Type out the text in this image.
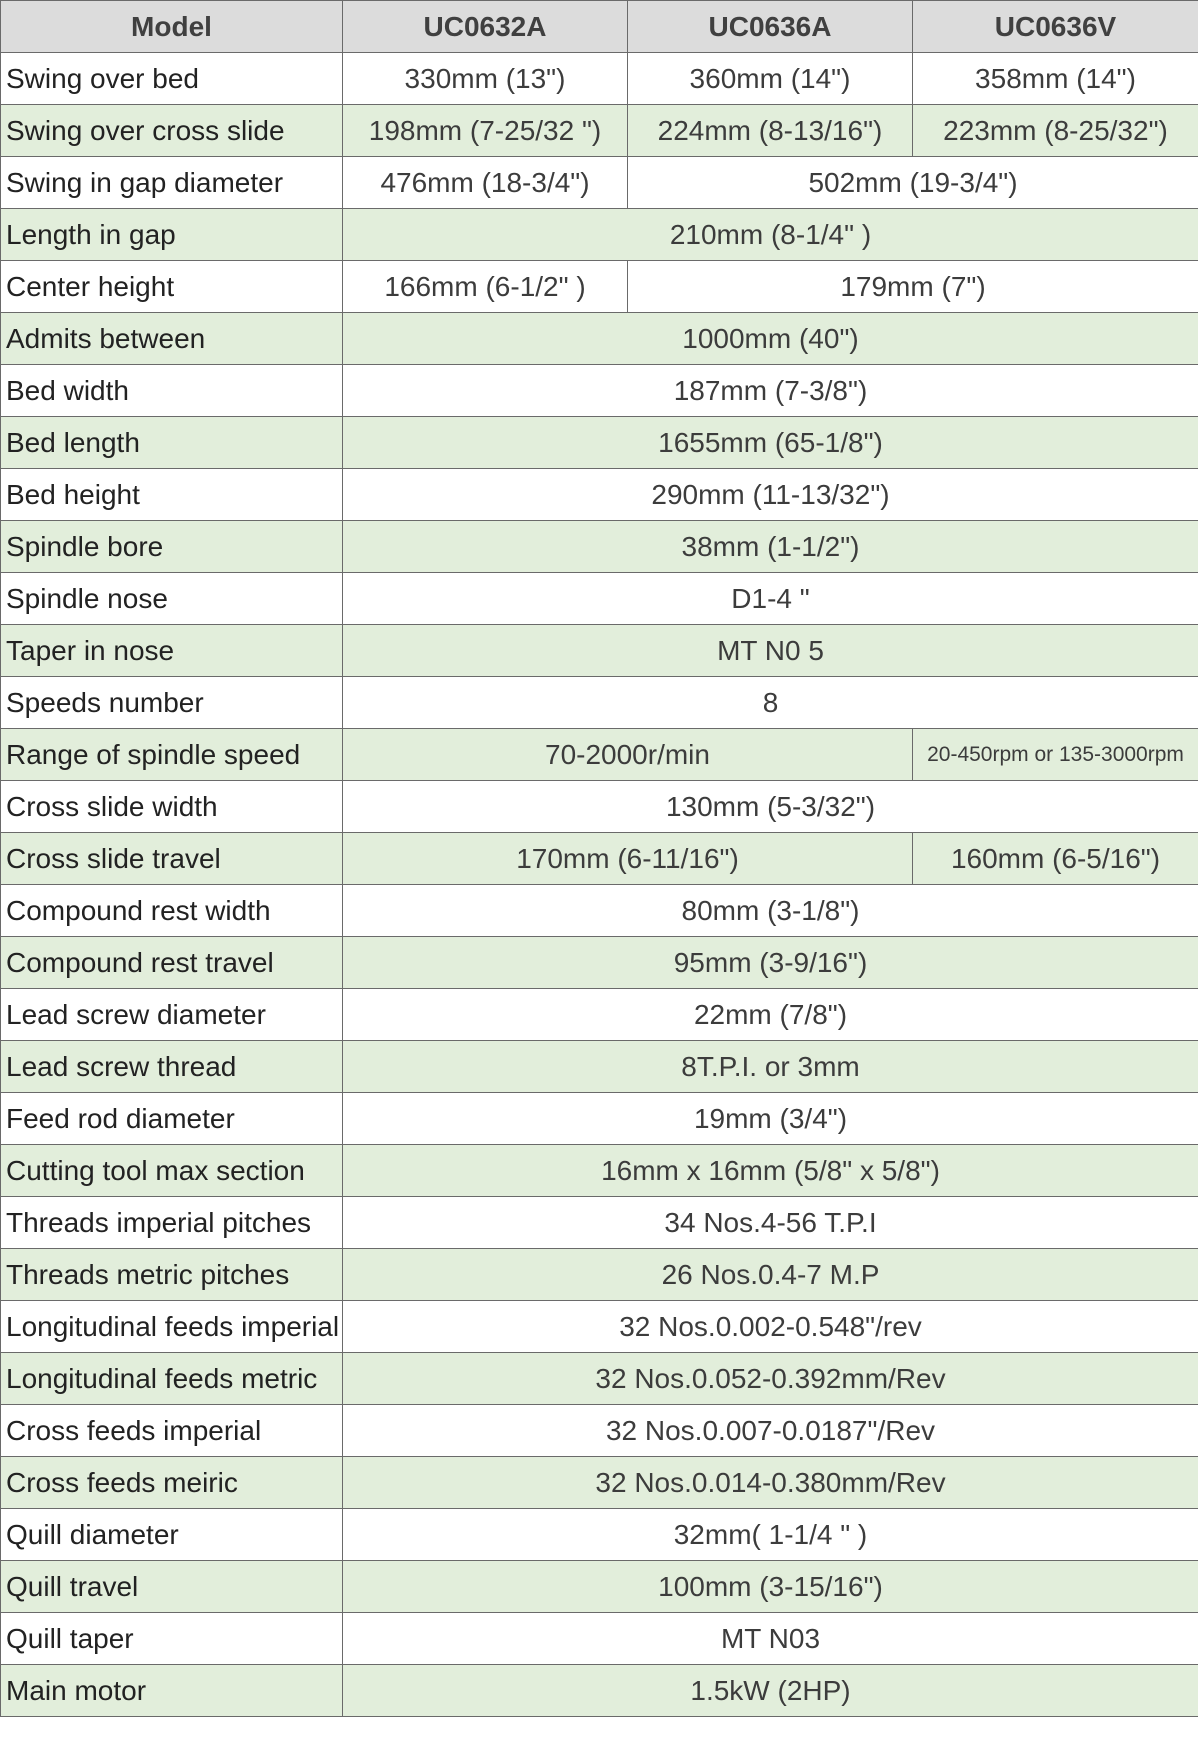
Model	UC0632A	UC0636A	UC0636V
Swing over bed	330mm (13")	360mm (14")	358mm (14")
Swing over cross slide	198mm (7-25/32 ")	224mm (8-13/16")	223mm (8-25/32")
Swing in gap diameter	476mm (18-3/4")	502mm (19-3/4")	
Length in gap	210mm (8-1/4" )		
Center height	166mm (6-1/2" )	179mm (7")	
Admits between	1000mm (40")		
Bed width	187mm (7-3/8")		
Bed length	1655mm (65-1/8")		
Bed height	290mm (11-13/32")		
Spindle bore	38mm (1-1/2")		
Spindle nose	D1-4 "		
Taper in nose	MT N0 5		
Speeds number	8		
Range of spindle speed	70-2000r/min		20-450rpm or 135-3000rpm
Cross slide width	130mm (5-3/32")		
Cross slide travel	170mm (6-11/16")		160mm (6-5/16")
Compound rest width	80mm (3-1/8")		
Compound rest travel	95mm (3-9/16")		
Lead screw diameter	22mm (7/8")		
Lead screw thread	8T.P.I. or 3mm		
Feed rod diameter	19mm (3/4")		
Cutting tool max section	16mm x 16mm (5/8" x 5/8")		
Threads imperial pitches	34 Nos.4-56 T.P.I		
Threads metric pitches	26 Nos.0.4-7 M.P		
Longitudinal feeds imperial	32 Nos.0.002-0.548"/rev		
Longitudinal feeds metric	32 Nos.0.052-0.392mm/Rev		
Cross feeds imperial	32 Nos.0.007-0.0187"/Rev		
Cross feeds meiric	32 Nos.0.014-0.380mm/Rev		
Quill diameter	32mm( 1-1/4 " )		
Quill travel	100mm (3-15/16")		
Quill taper	MT N03		
Main motor	1.5kW (2HP)		
